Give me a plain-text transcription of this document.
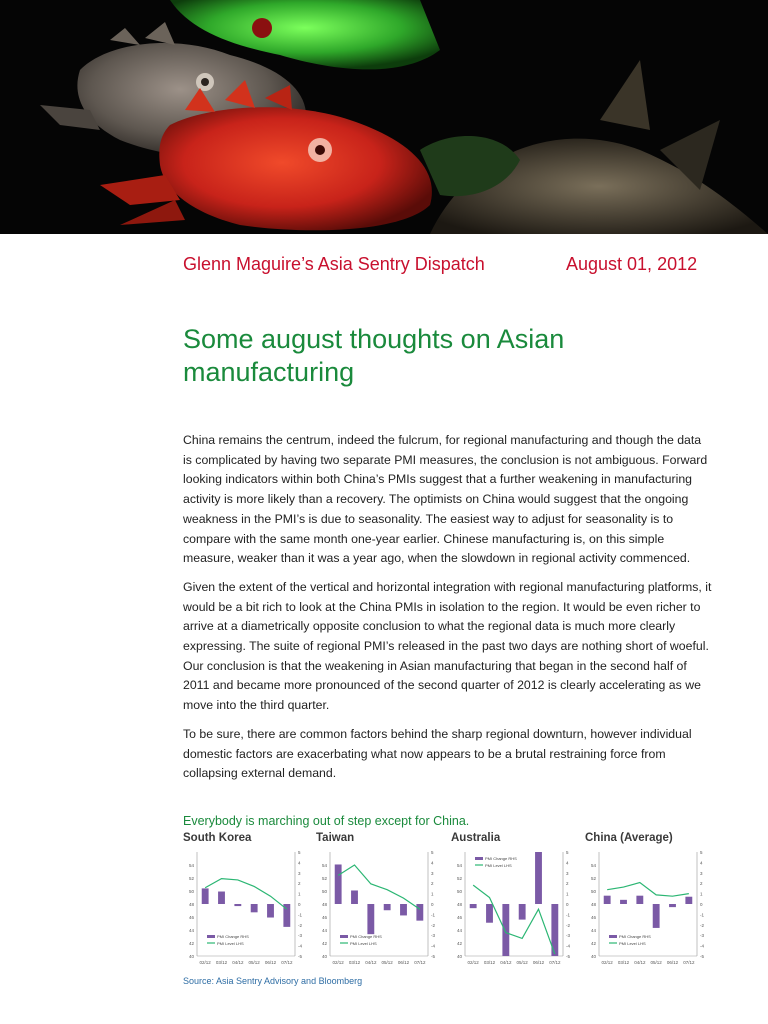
Glenn Maguire’s Asia Sentry Dispatch	August 01, 2012
Some august thoughts on Asian manufacturing

China remains the centrum, indeed the fulcrum, for regional manufacturing and though the data is complicated by having two separate PMI measures, the conclusion is not ambiguous. Forward looking indicators within both China’s PMIs suggest that a further weakening in manufacturing activity is more likely than a recovery. The optimists on China would suggest that the ongoing weakness in the PMI’s is due to seasonality. The easiest way to adjust for seasonality is to compare with the same month one-year earlier. Chinese manufacturing is, on this simple measure, weaker than it was a year ago, when the slowdown in regional activity commenced.

Given the extent of the vertical and horizontal integration with regional manufacturing platforms, it would be a bit rich to look at the China PMIs in isolation to the region. It would be even richer to arrive at a diametrically opposite conclusion to what the regional data is much more clearly expressing. The suite of regional PMI’s released in the past two days are nothing short of woeful. Our conclusion is that the weakening in Asian manufacturing that began in the second half of 2011 and became more pronounced of the second quarter of 2012 is clearly accelerating as we move into the third quarter.

To be sure, there are common factors behind the sharp regional downturn, however individual domestic factors are exacerbating what now appears to be a brutal restraining force from collapsing external demand.

Everybody is marching out of step except for China.
South Korea
40
42
44
46
48
50
52
54
-5
-4
-3
-2
-1
0
1
2
3
4
5
02/12 03/12 04/12 05/12 06/12 07/12
PMI Change RHS
PMI Level LHS
Taiwan
40
42
44
46
48
50
52
54
-5
-4
-3
-2
-1
0
1
2
3
4
5
02/12 03/12 04/12 05/12 06/12 07/12
PMI Change RHS
PMI Level LHS
Australia
40
42
44
46
48
50
52
54
-5
-4
-3
-2
-1
0
1
2
3
4
5
02/12 03/12 04/12 05/12 06/12 07/12
PMI Change RHS
PMI Level LHS
China (Average)
40
42
44
46
48
50
52
54
-5
-4
-3
-2
-1
0
1
2
3
4
5
02/12 03/12 04/12 05/12 06/12 07/12
PMI Change RHS
PMI Level LHS
Source: Asia Sentry Advisory and Bloomberg
